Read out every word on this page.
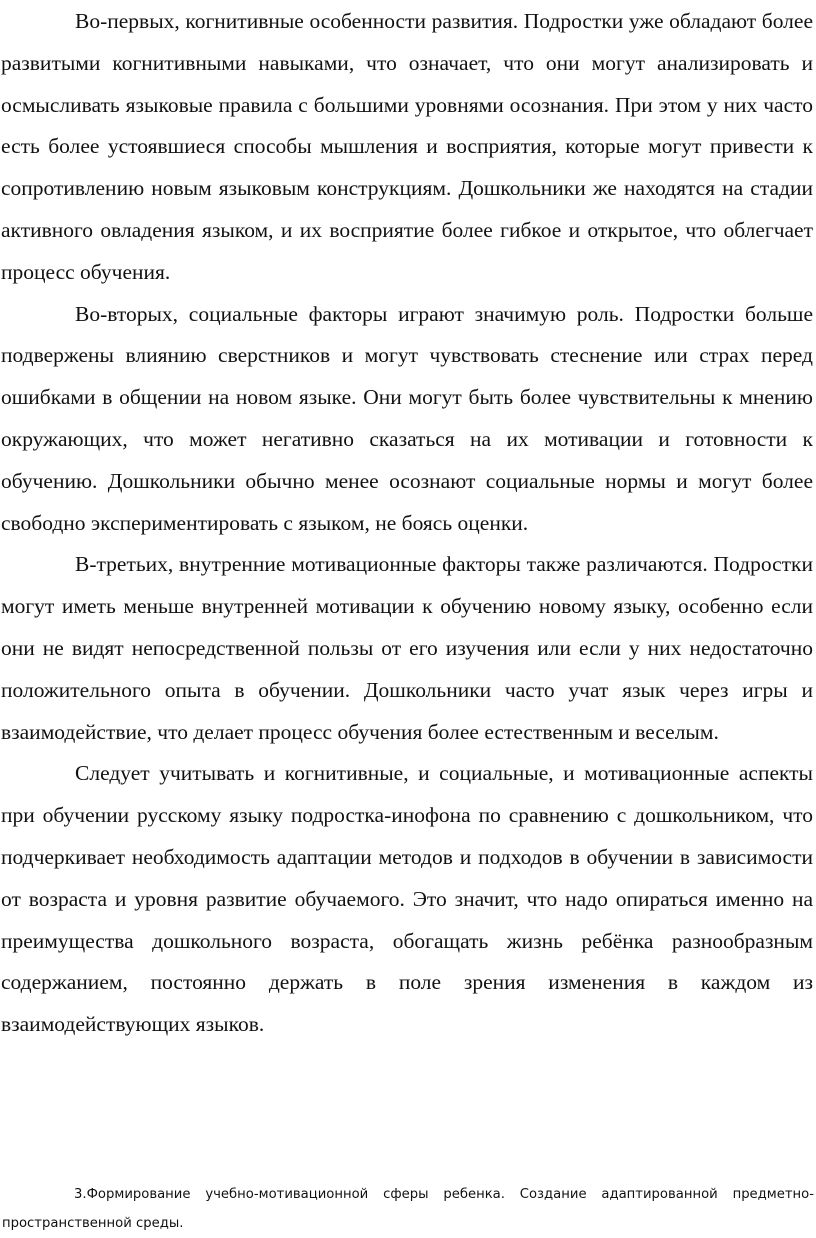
Во-первых, когнитивные особенности развития. Подростки уже обладают более развитыми когнитивными навыками, что означает, что они могут анализировать и осмысливать языковые правила с большими уровнями осознания. При этом у них часто есть более устоявшиеся способы мышления и восприятия, которые могут привести к сопротивлению новым языковым конструкциям. Дошкольники же находятся на стадии активного овладения языком, и их восприятие более гибкое и открытое, что облегчает процесс обучения.

Во-вторых, социальные факторы играют значимую роль. Подростки больше подвержены влиянию сверстников и могут чувствовать стеснение или страх перед ошибками в общении на новом языке. Они могут быть более чувствительны к мнению окружающих, что может негативно сказаться на их мотивации и готовности к обучению. Дошкольники обычно менее осознают социальные нормы и могут более свободно экспериментировать с языком, не боясь оценки.

В-третьих, внутренние мотивационные факторы также различаются. Подростки могут иметь меньше внутренней мотивации к обучению новому языку, особенно если они не видят непосредственной пользы от его изучения или если у них недостаточно положительного опыта в обучении. Дошкольники часто учат язык через игры и взаимодействие, что делает процесс обучения более естественным и веселым.

Следует учитывать и когнитивные, и социальные, и мотивационные аспекты при обучении русскому языку подростка-инофона по сравнению с дошкольником, что подчеркивает необходимость адаптации методов и подходов в обучении в зависимости от возраста и уровня развитие обучаемого. Это значит, что надо опираться именно на преимущества дошкольного возраста, обогащать жизнь ребёнка разнообразным содержанием, постоянно держать в поле зрения изменения в каждом из взаимодействующих языков.

3.Формирование учебно-мотивационной сферы ребенка. Создание адаптированной предметно-пространственной среды.
